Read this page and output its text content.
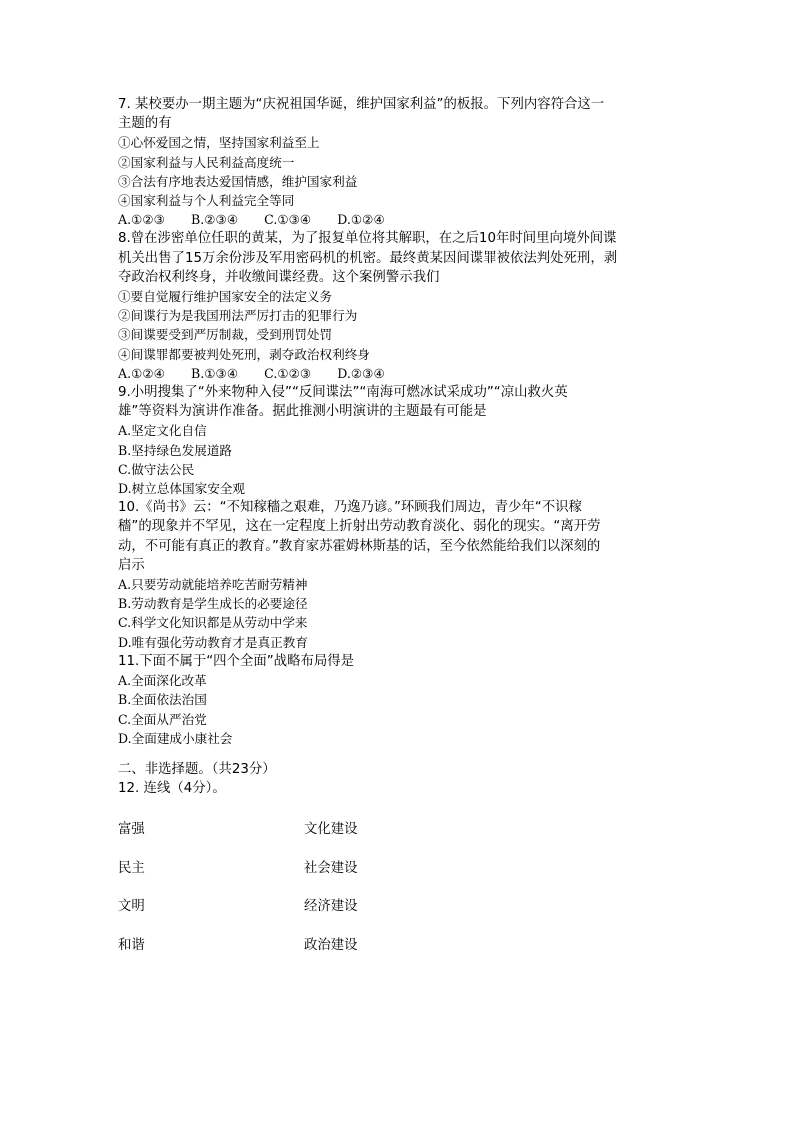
7. 某校要办一期主题为“庆祝祖国华诞，维护国家利益”的板报。下列内容符合这一
主题的有
①心怀爱国之情，坚持国家利益至上
②国家利益与人民利益高度统一
③合法有序地表达爱国情感，维护国家利益
④国家利益与个人利益完全等同
A.①②③ B.②③④ C.①③④ D.①②④
8.曾在涉密单位任职的黄某，为了报复单位将其解职，在之后10年时间里向境外间谍
机关出售了15万余份涉及军用密码机的机密。最终黄某因间谍罪被依法判处死刑，剥
夺政治权利终身，并收缴间谍经费。这个案例警示我们
①要自觉履行维护国家安全的法定义务
②间谍行为是我国刑法严厉打击的犯罪行为
③间谍要受到严厉制裁，受到刑罚处罚
④间谍罪都要被判处死刑，剥夺政治权利终身
A.①②④ B.①③④ C.①②③ D.②③④
9.小明搜集了“外来物种入侵”“反间谍法”“南海可燃冰试采成功”“凉山救火英
雄”等资料为演讲作准备。据此推测小明演讲的主题最有可能是
A.坚定文化自信
B.坚持绿色发展道路
C.做守法公民
D.树立总体国家安全观
10.《尚书》云：“不知稼穡之艰难，乃逸乃谚。”环顾我们周边，青少年“不识稼
穡”的现象并不罕见，这在一定程度上折射出劳动教育淡化、弱化的现实。“离开劳
动，不可能有真正的教育。”教育家苏霍姆林斯基的话，至今依然能给我们以深刻的
启示
A.只要劳动就能培养吃苦耐劳精神
B.劳动教育是学生成长的必要途径
C.科学文化知识都是从劳动中学来
D.唯有强化劳动教育才是真正教育
11.下面不属于“四个全面”战略布局得是
A.全面深化改革
B.全面依法治国
C.全面从严治党
D.全面建成小康社会
二、非选择题。（共23分）
12. 连线（4分）。
富强	文化建设
民主	社会建设
文明	经济建设
和谐	政治建设
